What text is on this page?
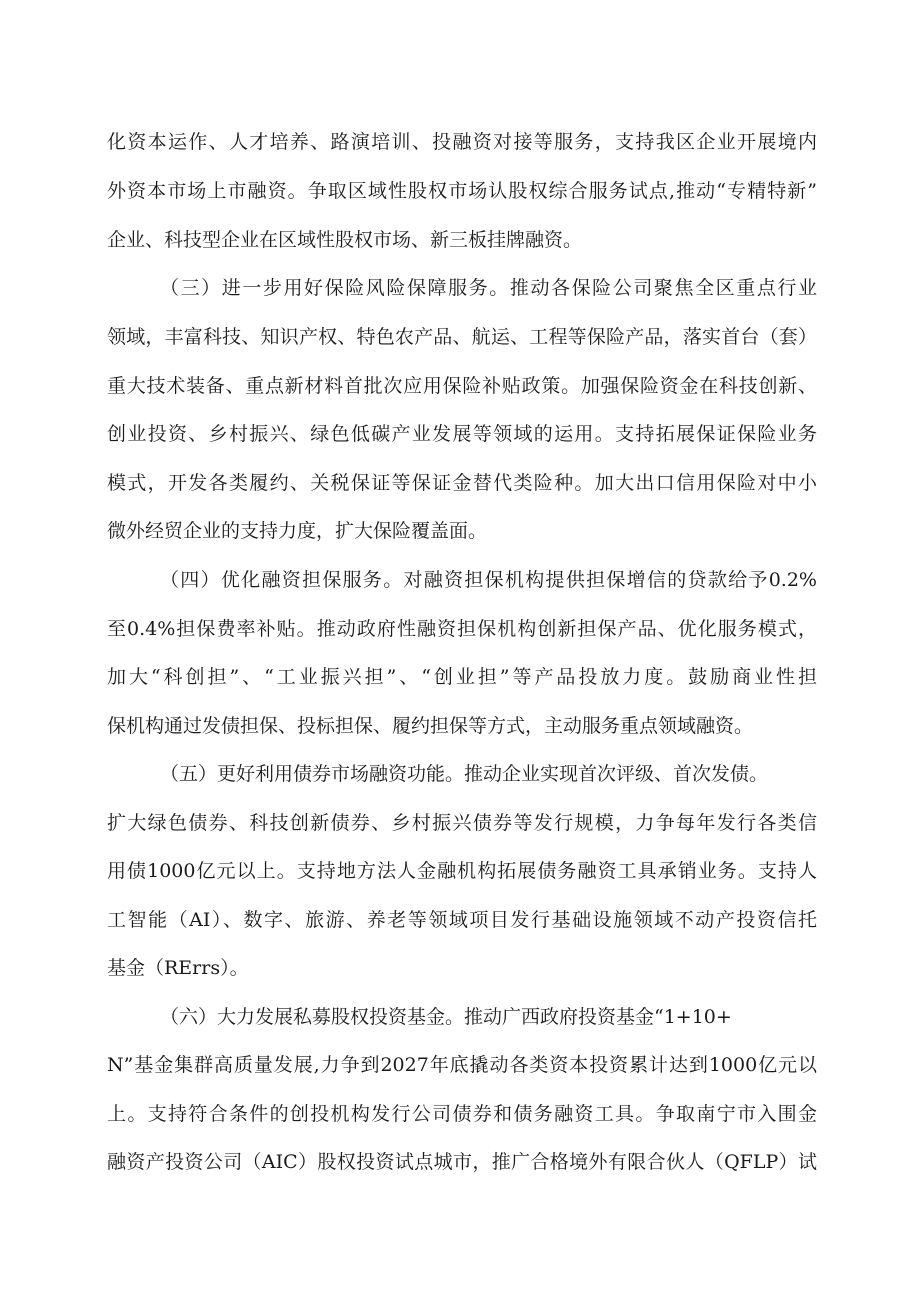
化资本运作、人才培养、路演培训、投融资对接等服务，支持我区企业开展境内
外资本市场上市融资。争取区域性股权市场认股权综合服务试点,推动“专精特新”
企业、科技型企业在区域性股权市场、新三板挂牌融资。
（三）进一步用好保险风险保障服务。推动各保险公司聚焦全区重点行业
领域，丰富科技、知识产权、特色农产品、航运、工程等保险产品，落实首台（套）
重大技术装备、重点新材料首批次应用保险补贴政策。加强保险资金在科技创新、
创业投资、乡村振兴、绿色低碳产业发展等领域的运用。支持拓展保证保险业务
模式，开发各类履约、关税保证等保证金替代类险种。加大出口信用保险对中小
微外经贸企业的支持力度，扩大保险覆盖面。
（四）优化融资担保服务。对融资担保机构提供担保增信的贷款给予0.2%
至0.4%担保费率补贴。推动政府性融资担保机构创新担保产品、优化服务模式，
加大“科创担”、“工业振兴担”、“创业担”等产品投放力度。鼓励商业性担
保机构通过发债担保、投标担保、履约担保等方式，主动服务重点领域融资。
（五）更好利用债券市场融资功能。推动企业实现首次评级、首次发债。
扩大绿色债券、科技创新债券、乡村振兴债券等发行规模，力争每年发行各类信
用债1000亿元以上。支持地方法人金融机构拓展债务融资工具承销业务。支持人
工智能（AI）、数字、旅游、养老等领域项目发行基础设施领域不动产投资信托
基金（RErrs）。
（六）大力发展私募股权投资基金。推动广西政府投资基金“1+10+
N”基金集群高质量发展,力争到2027年底撬动各类资本投资累计达到1000亿元以
上。支持符合条件的创投机构发行公司债券和债务融资工具。争取南宁市入围金
融资产投资公司（AIC）股权投资试点城市，推广合格境外有限合伙人（QFLP）试
